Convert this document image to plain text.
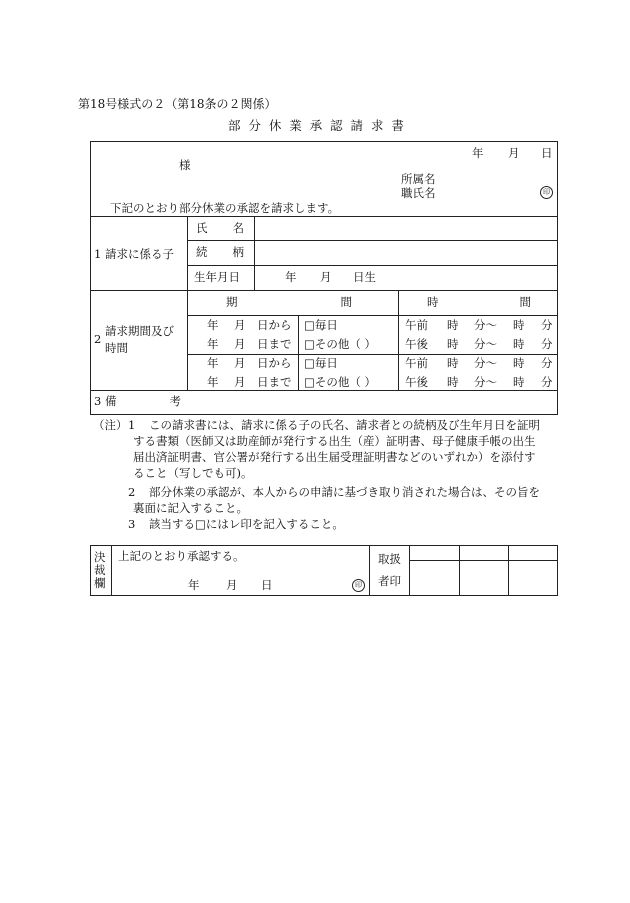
第18号様式の２（第18条の２関係）
部 分 休 業 承 認 請 求 書
年 月 日
様
所属名
職氏名	印
下記のとおり部分休業の承認を請求します。
1 請求に係る子
氏 名
続 柄
生年月日	年 月 日生
2
請求期間及び
時間
期	間	時	間
年 月 日から □毎日	午前 時 分～ 時 分
年 月 日まで □その他（ ）	午後 時 分～ 時 分
年 月 日から □毎日	午前 時 分～ 時 分
年 月 日まで □その他（ ）	午後 時 分～ 時 分
3 備	考
（注） 1 この請求書には、請求に係る子の氏名、請求者との続柄及び生年月日を証明
する書類（医師又は助産師が発行する出生（産）証明書、母子健康手帳の出生
届出済証明書、官公署が発行する出生届受理証明書などのいずれか）を添付す
ること（写しでも可)。
2 部分休業の承認が、本人からの申請に基づき取り消された場合は、その旨を
裏面に記入すること。
3 該当する□にはレ印を記入すること。
決
裁
欄
上記のとおり承認する。
年 月 日	印
取扱
者印
